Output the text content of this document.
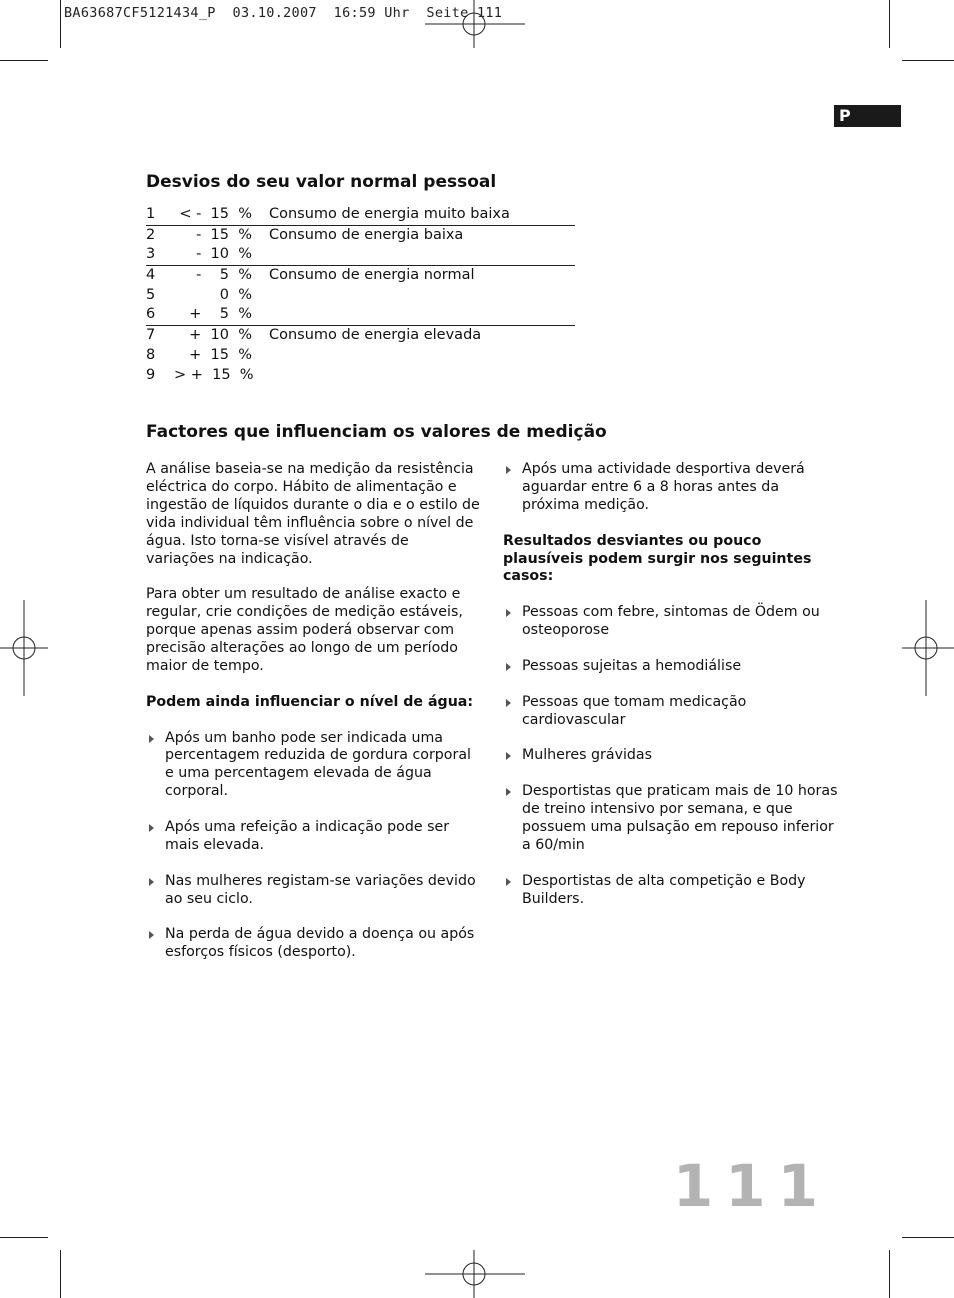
BA63687CF5121434_P  03.10.2007  16:59 Uhr  Seite 111
P
Desvios do seu valor normal pessoal
1	< -  15  % Consumo de energia muito baixa
2	-  15  % Consumo de energia baixa
3	-  10  %
4	-    5  % Consumo de energia normal
5	0  %
6	+    5  %
7	+  10  % Consumo de energia elevada
8	+  15  %
9	> +  15  %
Factores que influenciam os valores de medição

A análise baseia-se na medição da resistência eléctrica do corpo. Hábito de alimentação e ingestão de líquidos durante o dia e o estilo de vida individual têm influência sobre o nível de água. Isto torna-se visível através de variações na indicação.

Para obter um resultado de análise exacto e regular, crie condições de medição estáveis, porque apenas assim poderá observar com precisão alterações ao longo de um período maior de tempo.

Podem ainda influenciar o nível de água:

Após um banho pode ser indicada uma percentagem reduzida de gordura corporal e uma percentagem elevada de água corporal.
Após uma refeição a indicação pode ser mais elevada.
Nas mulheres registam-se variações devido ao seu ciclo.
Na perda de água devido a doença ou após esforços físicos (desporto).
Após uma actividade desportiva deverá aguardar entre 6 a 8 horas antes da próxima medição.

Resultados desviantes ou pouco plausíveis podem surgir nos seguintes casos:

Pessoas com febre, sintomas de Ödem ou osteoporose
Pessoas sujeitas a hemodiálise
Pessoas que tomam medicação cardiovascular
Mulheres grávidas
Desportistas que praticam mais de 10 horas de treino intensivo por semana, e que possuem uma pulsação em repouso inferior a 60/min
Desportistas de alta competição e Body Builders.
111
